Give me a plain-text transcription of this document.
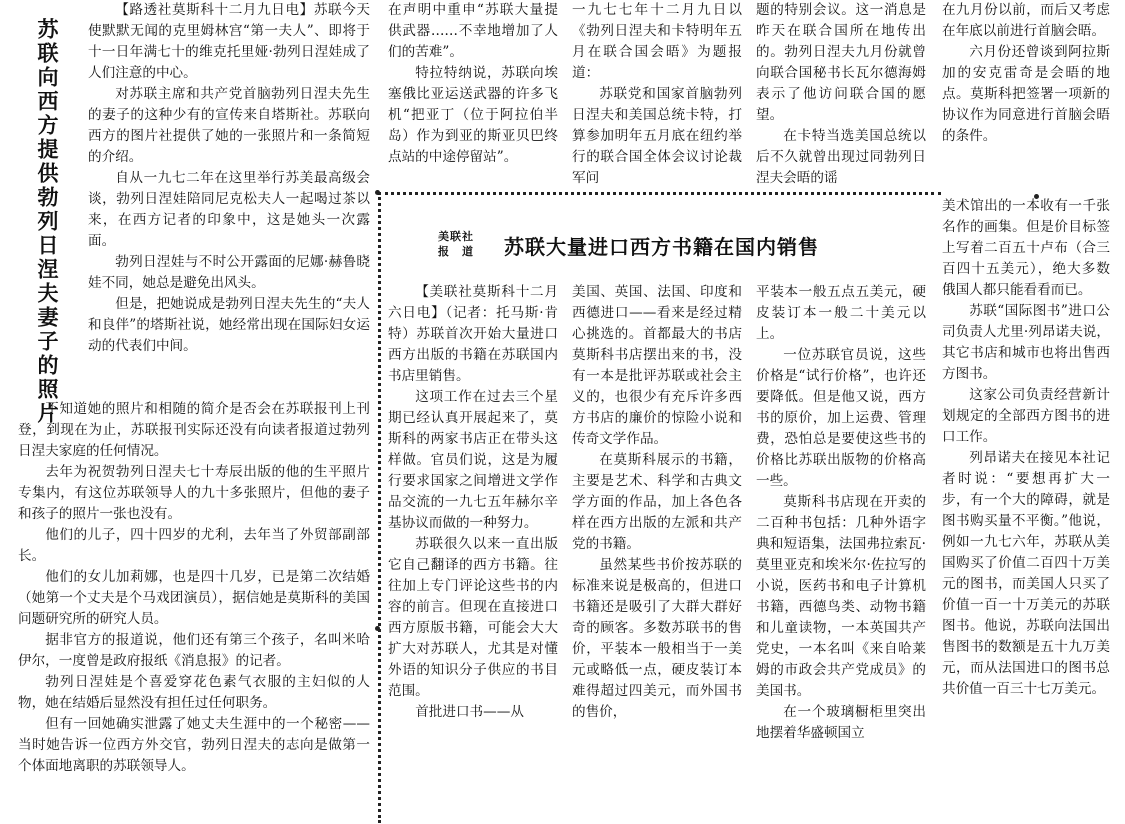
苏联向西方提供勃列日涅夫妻子的照片

【路透社莫斯科十二月九日电】苏联今天使默默无闻的克里姆林宫“第一夫人”、即将于十一日年满七十的维克托里娅·勃列日涅娃成了人们注意的中心。

对苏联主席和共产党首脑勃列日涅夫先生的妻子的这种少有的宣传来自塔斯社。苏联向西方的图片社提供了她的一张照片和一条简短的介绍。

自从一九七二年在这里举行苏美最高级会谈，勃列日涅娃陪同尼克松夫人一起喝过茶以来，在西方记者的印象中，这是她头一次露面。

勃列日涅娃与不时公开露面的尼娜·赫鲁晓娃不同，她总是避免出风头。

但是，把她说成是勃列日涅夫先生的“夫人和良伴”的塔斯社说，她经常出现在国际妇女运动的代表们中间。

不知道她的照片和相随的简介是否会在苏联报刊上刊登，到现在为止，苏联报刊实际还没有向读者报道过勃列日涅夫家庭的任何情况。

去年为祝贺勃列日涅夫七十寿辰出版的他的生平照片专集内，有这位苏联领导人的九十多张照片，但他的妻子和孩子的照片一张也没有。

他们的儿子，四十四岁的尤利，去年当了外贸部副部长。

他们的女儿加莉娜，也是四十几岁，已是第二次结婚（她第一个丈夫是个马戏团演员），据信她是莫斯科的美国问题研究所的研究人员。

据非官方的报道说，他们还有第三个孩子，名叫米哈伊尔，一度曾是政府报纸《消息报》的记者。

勃列日涅娃是个喜爱穿花色素气衣服的主妇似的人物，她在结婚后显然没有担任过任何职务。

但有一回她确实泄露了她丈夫生涯中的一个秘密——当时她告诉一位西方外交官，勃列日涅夫的志向是做第一个体面地离职的苏联领导人。

在声明中重申“苏联大量提供武器……不幸地增加了人们的苦难”。

特拉特纳说，苏联向埃塞俄比亚运送武器的许多飞机“把亚丁（位于阿拉伯半岛）作为到亚的斯亚贝巴终点站的中途停留站”。

一九七七年十二月九日以《勃列日涅夫和卡特明年五月在联合国会晤》为题报道：

苏联党和国家首脑勃列日涅夫和美国总统卡特，打算参加明年五月底在纽约举行的联合国全体会议讨论裁军问

题的特别会议。这一消息是昨天在联合国所在地传出的。勃列日涅夫九月份就曾向联合国秘书长瓦尔德海姆表示了他访问联合国的愿望。

在卡特当选美国总统以后不久就曾出现过同勃列日涅夫会晤的谣

在九月份以前，而后又考虑在年底以前进行首脑会晤。

六月份还曾谈到阿拉斯加的安克雷奇是会晤的地点。莫斯科把签署一项新的协议作为同意进行首脑会晤的条件。

美联社
报　道	苏联大量进口西方书籍在国内销售

【美联社莫斯科十二月六日电】（记者：托马斯·肯特）苏联首次开始大量进口西方出版的书籍在苏联国内书店里销售。

这项工作在过去三个星期已经认真开展起来了，莫斯科的两家书店正在带头这样做。官员们说，这是为履行要求国家之间增进文学作品交流的一九七五年赫尔辛基协议而做的一种努力。

苏联很久以来一直出版它自己翻译的西方书籍。往往加上专门评论这些书的内容的前言。但现在直接进口西方原版书籍，可能会大大扩大对苏联人，尤其是对懂外语的知识分子供应的书目范围。

首批进口书——从

美国、英国、法国、印度和西德进口——看来是经过精心挑选的。首都最大的书店莫斯科书店摆出来的书，没有一本是批评苏联或社会主义的，也很少有充斥许多西方书店的廉价的惊险小说和传奇文学作品。

在莫斯科展示的书籍，主要是艺术、科学和古典文学方面的作品，加上各色各样在西方出版的左派和共产党的书籍。

虽然某些书价按苏联的标准来说是极高的，但进口书籍还是吸引了大群大群好奇的顾客。多数苏联书的售价，平装本一般相当于一美元或略低一点，硬皮装订本难得超过四美元，而外国书的售价，

平装本一般五点五美元，硬皮装订本一般二十美元以上。

一位苏联官员说，这些价格是“试行价格”，也许还要降低。但是他又说，西方书的原价，加上运费、管理费，恐怕总是要使这些书的价格比苏联出版物的价格高一些。

莫斯科书店现在开卖的二百种书包括：几种外语字典和短语集，法国弗拉索瓦·莫里亚克和埃米尔·佐拉写的小说，医药书和电子计算机书籍，西德鸟类、动物书籍和儿童读物，一本英国共产党史，一本名叫《来自哈莱姆的市政会共产党成员》的美国书。

在一个玻璃橱柜里突出地摆着华盛顿国立

美术馆出的一本收有一千张名作的画集。但是价目标签上写着二百五十卢布（合三百四十五美元），绝大多数俄国人都只能看看而已。

苏联“国际图书”进口公司负责人尤里·列昂诺夫说，其它书店和城市也将出售西方图书。

这家公司负责经营新计划规定的全部西方图书的进口工作。

列昂诺夫在接见本社记者时说：“要想再扩大一步，有一个大的障碍，就是图书购买量不平衡。”他说，例如一九七六年，苏联从美国购买了价值二百四十万美元的图书，而美国人只买了价值一百一十万美元的苏联图书。他说，苏联向法国出售图书的数额是五十九万美元，而从法国进口的图书总共价值一百三十七万美元。
